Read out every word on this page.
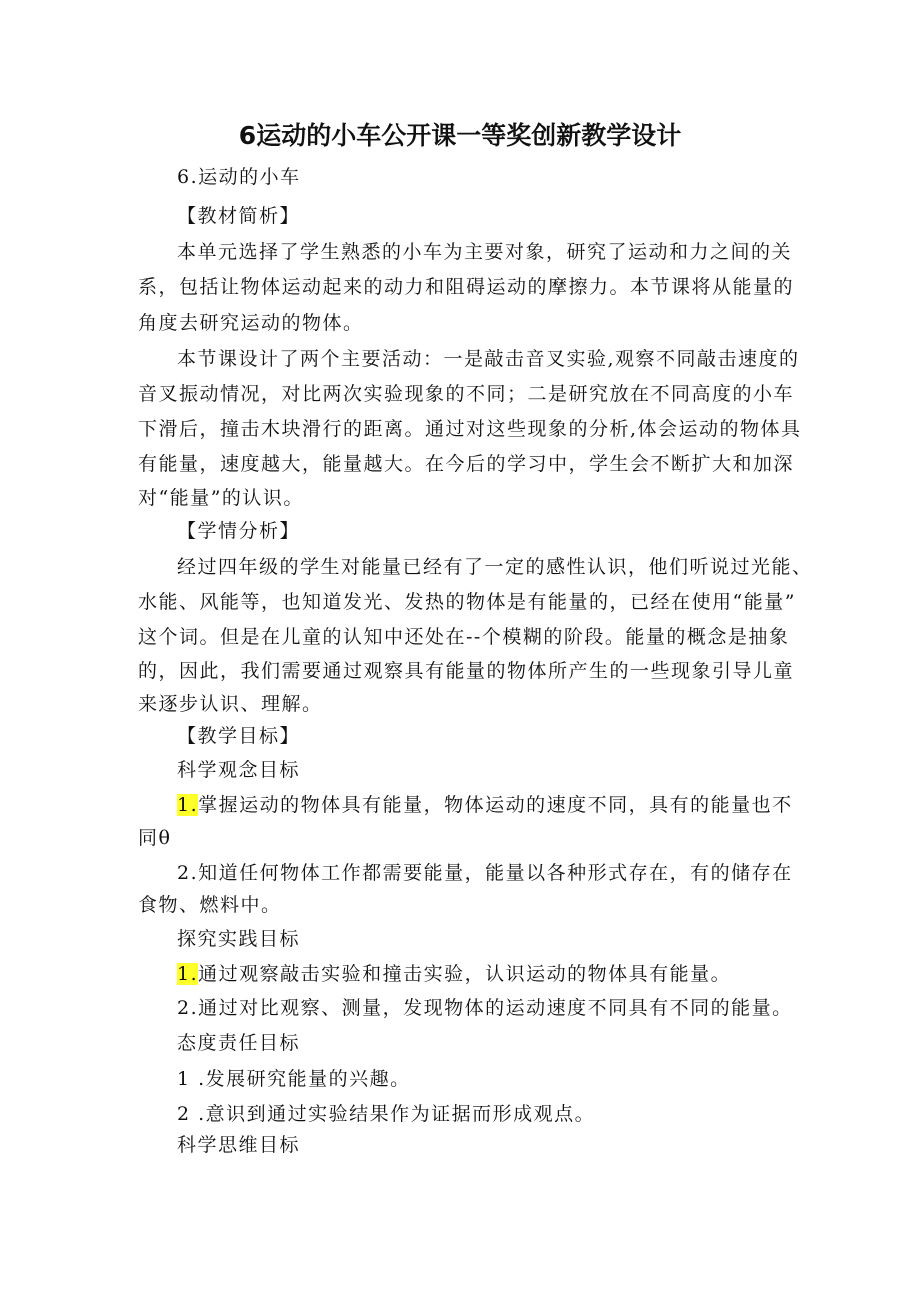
6运动的小车公开课一等奖创新教学设计
6.运动的小车
【教材简析】
本单元选择了学生熟悉的小车为主要对象，研究了运动和力之间的关
系，包括让物体运动起来的动力和阻碍运动的摩擦力。本节课将从能量的
角度去研究运动的物体。
本节课设计了两个主要活动：一是敲击音叉实验,观察不同敲击速度的
音叉振动情况，对比两次实验现象的不同；二是研究放在不同高度的小车
下滑后，撞击木块滑行的距离。通过对这些现象的分析,体会运动的物体具
有能量，速度越大，能量越大。在今后的学习中，学生会不断扩大和加深
对“能量”的认识。
【学情分析】
经过四年级的学生对能量已经有了一定的感性认识，他们听说过光能、
水能、风能等，也知道发光、发热的物体是有能量的，已经在使用“能量”
这个词。但是在儿童的认知中还处在--个模糊的阶段。能量的概念是抽象
的，因此，我们需要通过观察具有能量的物体所产生的一些现象引导儿童
来逐步认识、理解。
【教学目标】
科学观念目标
1.掌握运动的物体具有能量，物体运动的速度不同，具有的能量也不
同θ
2.知道任何物体工作都需要能量，能量以各种形式存在，有的储存在
食物、燃料中。
探究实践目标
1.通过观察敲击实验和撞击实验，认识运动的物体具有能量。
2.通过对比观察、测量，发现物体的运动速度不同具有不同的能量。
态度责任目标
1 .发展研究能量的兴趣。
2 .意识到通过实验结果作为证据而形成观点。
科学思维目标
